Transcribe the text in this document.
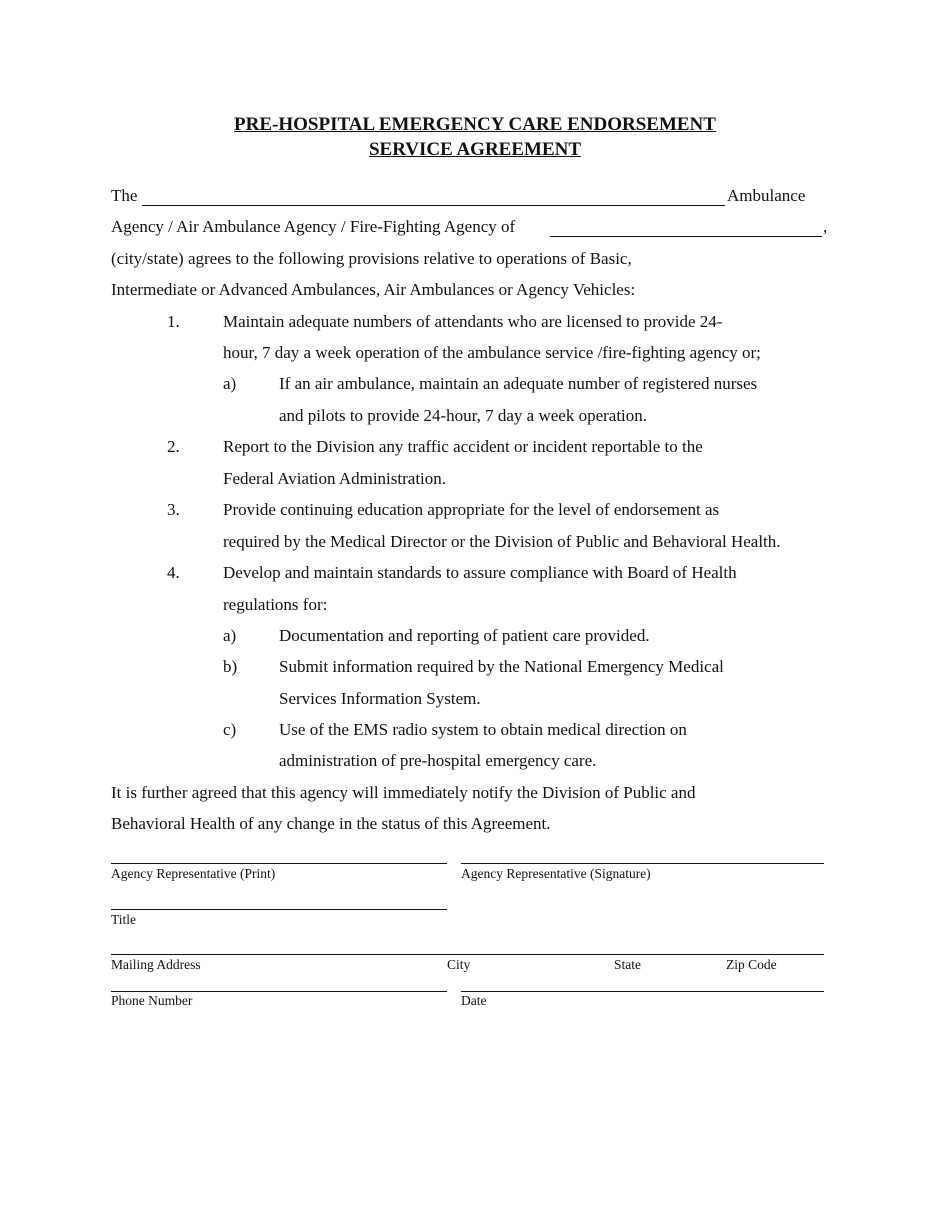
PRE-HOSPITAL EMERGENCY CARE ENDORSEMENT
SERVICE AGREEMENT
The	Ambulance
Agency / Air Ambulance Agency / Fire-Fighting Agency of	,
(city/state) agrees to the following provisions relative to operations of Basic,
Intermediate or Advanced Ambulances, Air Ambulances or Agency Vehicles:
1.	Maintain adequate numbers of attendants who are licensed to provide 24-
hour, 7 day a week operation of the ambulance service /fire-fighting agency or;
a)	If an air ambulance, maintain an adequate number of registered nurses
and pilots to provide 24-hour, 7 day a week operation.
2.	Report to the Division any traffic accident or incident reportable to the
Federal Aviation Administration.
3.	Provide continuing education appropriate for the level of endorsement as
required by the Medical Director or the Division of Public and Behavioral Health.
4.	Develop and maintain standards to assure compliance with Board of Health
regulations for:
a)	Documentation and reporting of patient care provided.
b) Submit information required by the National Emergency Medical
Services Information System.
c)	Use of the EMS radio system to obtain medical direction on
administration of pre-hospital emergency care.
It is further agreed that this agency will immediately notify the Division of Public and
Behavioral Health of any change in the status of this Agreement.
Agency Representative (Print)	Agency Representative (Signature)
Title
Mailing Address	City	State	Zip Code
Phone Number	Date
